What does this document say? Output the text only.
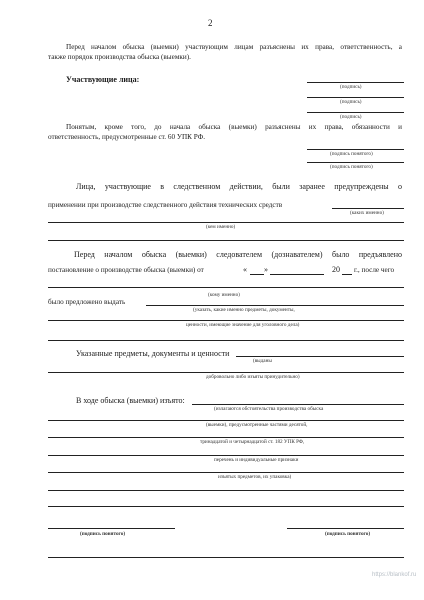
2
Перед началом обыска (выемки) участвующим лицам разъяснены их права, ответственность, а
также порядок производства обыска (выемки).
Участвующие лица:
(подпись)
(подпись)
(подпись)
Понятым, кроме того, до начала обыска (выемки) разъяснены их права, обязанности и
ответственность, предусмотренные ст. 60 УПК РФ.
(подпись понятого)
(подпись понятого)
Лица, участвующие в следственном действии, были заранее предупреждены о
применении при производстве следственного действия технических средств
(каких именно)
(кем именно)
Перед началом обыска (выемки) следователем (дознавателем) было предъявлено
постановление о производстве обыска (выемки) от	« »	20 г., после чего
было предложено выдать
(кому именно)
(указать, какие именно предметы, документы,
ценности, имеющие значение для уголовного дела)
Указанные предметы, документы и ценности
(выданы
добровольно либо изъяты принудительно)
В ходе обыска (выемки) изъято:
(излагаются обстоятельства производства обыска
(выемки), предусмотренные частями десятой,
тринадцатой и четырнадцатой ст. 182 УПК РФ,
перечень и индивидуальные признаки
изъятых предметов, их упаковка)
(подпись понятого)	(подпись понятого)
https://blankof.ru
